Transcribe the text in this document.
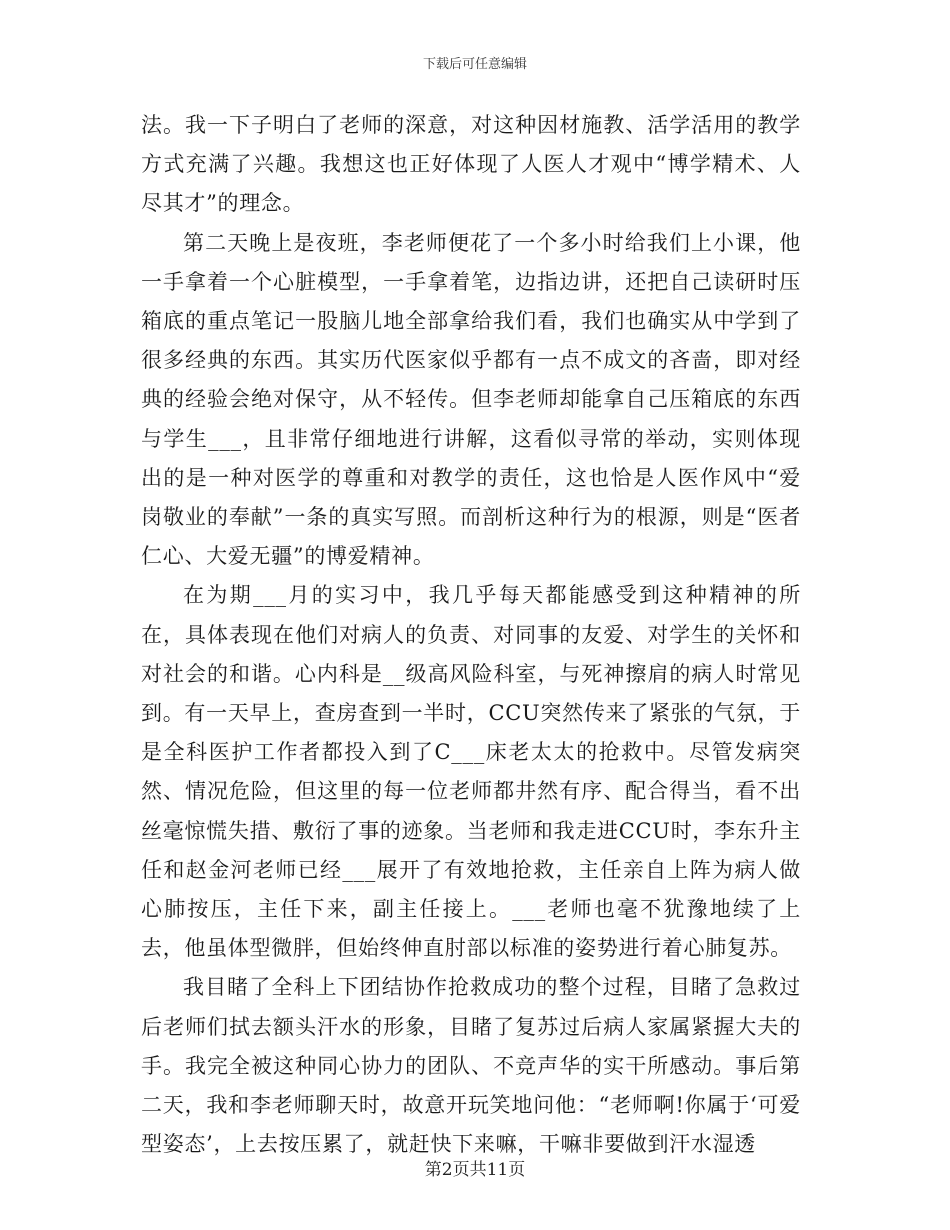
下载后可任意编辑

法。我一下子明白了老师的深意，对这种因材施教、活学活用的教学方式充满了兴趣。我想这也正好体现了人医人才观中“博学精术、人尽其才”的理念。

第二天晚上是夜班，李老师便花了一个多小时给我们上小课，他一手拿着一个心脏模型，一手拿着笔，边指边讲，还把自己读研时压箱底的重点笔记一股脑儿地全部拿给我们看，我们也确实从中学到了很多经典的东西。其实历代医家似乎都有一点不成文的吝啬，即对经典的经验会绝对保守，从不轻传。但李老师却能拿自己压箱底的东西与学生___，且非常仔细地进行讲解，这看似寻常的举动，实则体现出的是一种对医学的尊重和对教学的责任，这也恰是人医作风中“爱岗敬业的奉献”一条的真实写照。而剖析这种行为的根源，则是“医者仁心、大爱无疆”的博爱精神。

在为期___月的实习中，我几乎每天都能感受到这种精神的所在，具体表现在他们对病人的负责、对同事的友爱、对学生的关怀和对社会的和谐。心内科是__级高风险科室，与死神擦肩的病人时常见到。有一天早上，查房查到一半时，CCU突然传来了紧张的气氛，于是全科医护工作者都投入到了C___床老太太的抢救中。尽管发病突然、情况危险，但这里的每一位老师都井然有序、配合得当，看不出丝毫惊慌失措、敷衍了事的迹象。当老师和我走进CCU时，李东升主任和赵金河老师已经___展开了有效地抢救，主任亲自上阵为病人做心肺按压，主任下来，副主任接上。___老师也毫不犹豫地续了上去，他虽体型微胖，但始终伸直肘部以标准的姿势进行着心肺复苏。

我目睹了全科上下团结协作抢救成功的整个过程，目睹了急救过后老师们拭去额头汗水的形象，目睹了复苏过后病人家属紧握大夫的手。我完全被这种同心协力的团队、不竞声华的实干所感动。事后第二天，我和李老师聊天时，故意开玩笑地问他：“老师啊!你属于‘可爱型姿态’，上去按压累了，就赶快下来嘛，干嘛非要做到汗水湿透

第2页共11页
